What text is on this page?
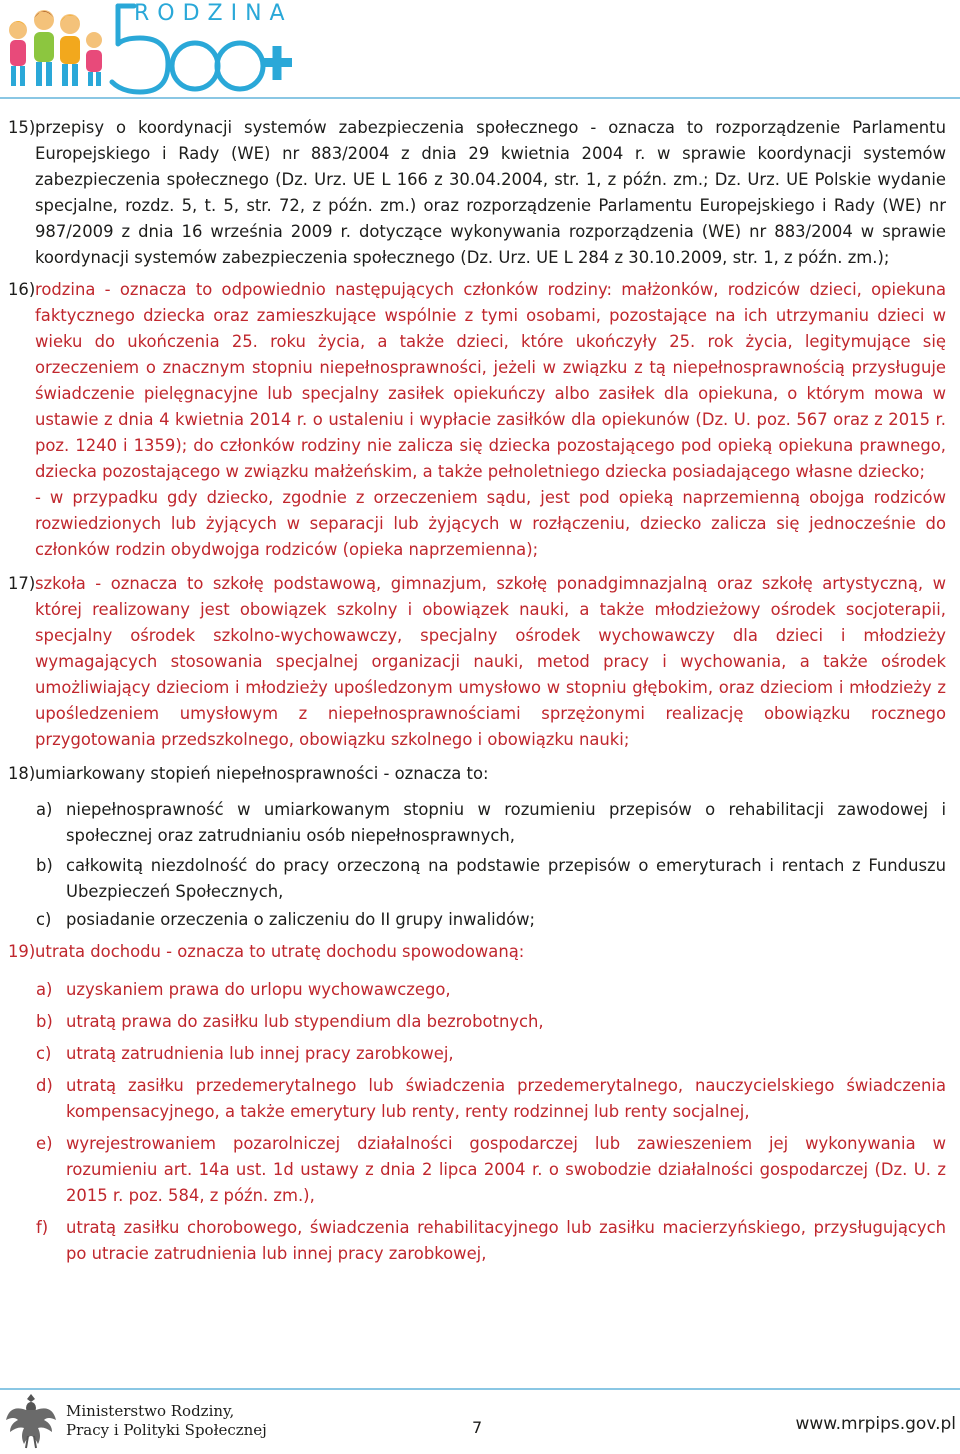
RODZINA
15) przepisy o koordynacji systemów zabezpieczenia społecznego - oznacza to rozporządzenie Parlamentu Europejskiego i Rady (WE) nr 883/2004 z dnia 29 kwietnia 2004 r. w sprawie koordynacji systemów zabezpieczenia społecznego (Dz. Urz. UE L 166 z 30.04.2004, str. 1, z późn. zm.; Dz. Urz. UE Polskie wydanie specjalne, rozdz. 5, t. 5, str. 72, z późn. zm.) oraz rozporządzenie Parlamentu Europejskiego i Rady (WE) nr 987/2009 z dnia 16 września 2009 r. dotyczące wykonywania rozporządzenia (WE) nr 883/2004 w sprawie koordynacji systemów zabezpieczenia społecznego (Dz. Urz. UE L 284 z 30.10.2009, str. 1, z późn. zm.);
16) rodzina - oznacza to odpowiednio następujących członków rodziny: małżonków, rodziców dzieci, opiekuna faktycznego dziecka oraz zamieszkujące wspólnie z tymi osobami, pozostające na ich utrzymaniu dzieci w wieku do ukończenia 25. roku życia, a także dzieci, które ukończyły 25. rok życia, legitymujące się orzeczeniem o znacznym stopniu niepełnosprawności, jeżeli w związku z tą niepełnosprawnością przysługuje świadczenie pielęgnacyjne lub specjalny zasiłek opiekuńczy albo zasiłek dla opiekuna, o którym mowa w ustawie z dnia 4 kwietnia 2014 r. o ustaleniu i wypłacie zasiłków dla opiekunów (Dz. U. poz. 567 oraz z 2015 r. poz. 1240 i 1359); do członków rodziny nie zalicza się dziecka pozostającego pod opieką opiekuna prawnego, dziecka pozostającego w związku małżeńskim, a także pełnoletniego dziecka posiadającego własne dziecko;
- w przypadku gdy dziecko, zgodnie z orzeczeniem sądu, jest pod opieką naprzemienną obojga rodziców rozwiedzionych lub żyjących w separacji lub żyjących w rozłączeniu, dziecko zalicza się jednocześnie do członków rodzin obydwojga rodziców (opieka naprzemienna);
17) szkoła - oznacza to szkołę podstawową, gimnazjum, szkołę ponadgimnazjalną oraz szkołę artystyczną, w której realizowany jest obowiązek szkolny i obowiązek nauki, a także młodzieżowy ośrodek socjoterapii, specjalny ośrodek szkolno-wychowawczy, specjalny ośrodek wychowawczy dla dzieci i młodzieży wymagających stosowania specjalnej organizacji nauki, metod pracy i wychowania, a także ośrodek umożliwiający dzieciom i młodzieży upośledzonym umysłowo w stopniu głębokim, oraz dzieciom i młodzieży z upośledzeniem umysłowym z niepełnosprawnościami sprzężonymi realizację obowiązku rocznego przygotowania przedszkolnego, obowiązku szkolnego i obowiązku nauki;
18) umiarkowany stopień niepełnosprawności - oznacza to:
a) niepełnosprawność w umiarkowanym stopniu w rozumieniu przepisów o rehabilitacji zawodowej i społecznej oraz zatrudnianiu osób niepełnosprawnych,
b) całkowitą niezdolność do pracy orzeczoną na podstawie przepisów o emeryturach i rentach z Funduszu Ubezpieczeń Społecznych,
c) posiadanie orzeczenia o zaliczeniu do II grupy inwalidów;
19) utrata dochodu - oznacza to utratę dochodu spowodowaną:
a) uzyskaniem prawa do urlopu wychowawczego,
b) utratą prawa do zasiłku lub stypendium dla bezrobotnych,
c) utratą zatrudnienia lub innej pracy zarobkowej,
d) utratą zasiłku przedemerytalnego lub świadczenia przedemerytalnego, nauczycielskiego świadczenia kompensacyjnego, a także emerytury lub renty, renty rodzinnej lub renty socjalnej,
e) wyrejestrowaniem pozarolniczej działalności gospodarczej lub zawieszeniem jej wykonywania w rozumieniu art. 14a ust. 1d ustawy z dnia 2 lipca 2004 r. o swobodzie działalności gospodarczej (Dz. U. z 2015 r. poz. 584, z późn. zm.),
f) utratą zasiłku chorobowego, świadczenia rehabilitacyjnego lub zasiłku macierzyńskiego, przysługujących po utracie zatrudnienia lub innej pracy zarobkowej,
Ministerstwo Rodziny,
Pracy i Polityki Społecznej	7	www.mrpips.gov.pl
